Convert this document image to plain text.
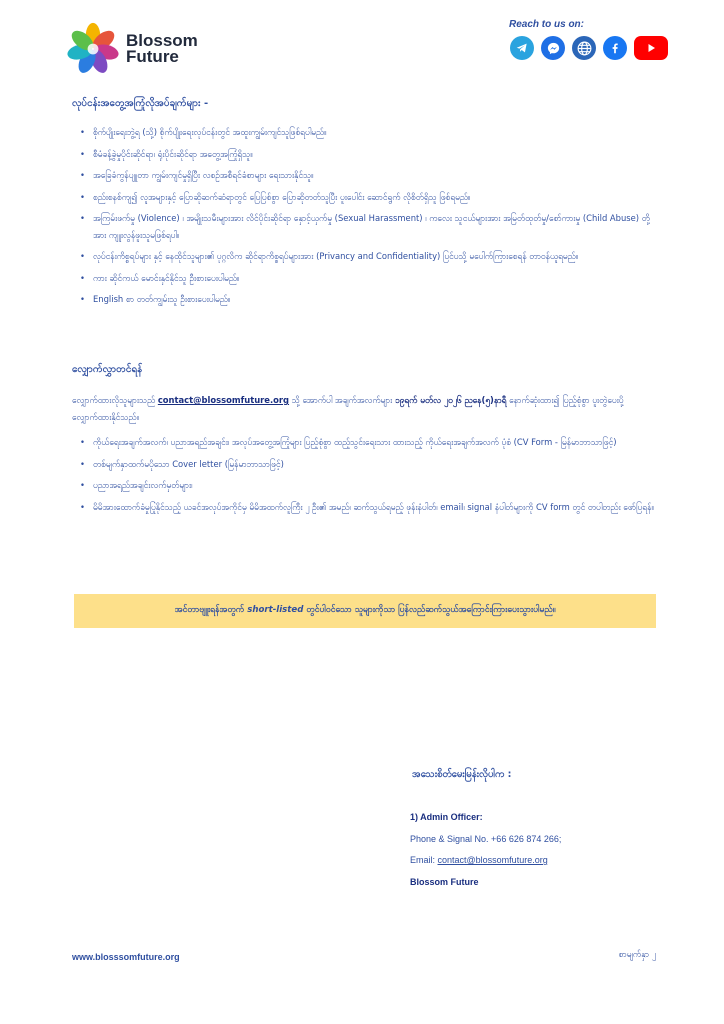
Blossom
Future
Reach to us on:
လုပ်ငန်းအတွေ့အကြုံလိုအပ်ချက်များ -
• စိုက်ပျိုးရေးဘွဲ့ရ (သို့) စိုက်ပျိုးရေးလုပ်ငန်းတွင် အထူးကျွမ်းကျင်သူဖြစ်ရပါမည်။
• စီမံခန့်ခွဲမှုပိုင်းဆိုင်ရာ၊ ရုံးပိုင်းဆိုင်ရာ အတွေ့အကြုံရှိသူ။
• အခြေခံကွန်ပျူတာ ကျွမ်းကျင်မှုရှိပြီး လစဉ်အစီရင်ခံစာများ ရေးသားနိုင်သူ။
• စည်းစနစ်ကျ၍ လူအများနှင့် ပြောဆိုဆက်ဆံရာတွင် ပြေပြစ်စွာ ပြောဆိုတတ်သူပြီး ပူးပေါင်း ဆောင်ရွက် လိုစိတ်ရှိသူ ဖြစ်ရမည်။
• အကြမ်းဖက်မှု (Violence) ၊ အမျိုးသမီးများအား လိင်ပိုင်းဆိုင်ရာ နှောင့်ယှက်မှု (Sexual Harassment) ၊ ကလေး သူငယ်များအား အမြတ်ထုတ်မှု/စော်ကားမှု (Child Abuse) တို့အား ကျူးလွန်ဖူးသူမဖြစ်ရပါ။
• လုပ်ငန်းကိစ္စရပ်များ နှင့် နေထိုင်သူများ၏ ပုဂ္ဂလိက ဆိုင်ရာကိစ္စရပ်များအား (Privancy and Confidentiality) ပြင်ပသို့ မပေါက်ကြားစေရန် တာဝန်ယူရမည်။
• ကား ဆိုင်ကယ် မောင်းနှင်နိုင်သူ ဦးစားပေးပါမည်။
• English စာ တတ်ကျွမ်းသူ ဦးစားပေးပါမည်။
လျှောက်လွှာတင်ရန်
လျှောက်ထားလိုသူများသည် contact@blossomfuture.org သို့ အောက်ပါ အချက်အလက်များ ၁၉ရက် မတ်လ ၂၀၂၆ ညနေ(၅)နာရီ နောက်ဆုံးထား၍ ပြည့်စုံစွာ ပူးတွဲပေးပို့ လျှောက်ထားနိုင်သည်။
• ကိုယ်ရေးအချက်အလက်၊ ပညာအရည်အချင်း၊ အလုပ်အတွေ့အကြုံများ ပြည့်စုံစွာ ထည့်သွင်းရေးသား ထားသည့် ကိုယ်ရေးအချက်အလက် ပုံစံ (CV Form - မြန်မာဘာသာဖြင့်)
• တစ်မျက်နှာထက်မပိုသော Cover letter (မြန်မာဘာသာဖြင့်)
• ပညာအရည်အချင်းလက်မှတ်များ၊
• မိမိအားထောက်ခံမှုပြုနိုင်သည့် ယခင်အလုပ်အကိုင်မှ မိမိအထက်လူကြီး ၂ ဦး၏ အမည်၊ ဆက်သွယ်ရမည့် ဖုန်းနံပါတ်၊ email၊ signal နံပါတ်များကို CV form တွင် တပါတည်း ဖော်ပြရန်။
အင်တာဗျူးရန်အတွက် short-listed တွင်ပါဝင်သော သူများကိုသာ ပြန်လည်ဆက်သွယ်အကြောင်းကြားပေးသွားပါမည်။
အသေးစိတ်မေးမြန်းလိုပါက :
1) Admin Officer:
Phone & Signal No. +66 626 874 266;
Email: contact@blossomfuture.org
Blossom Future
www.blosssomfuture.org	စာမျက်နှာ ၂
